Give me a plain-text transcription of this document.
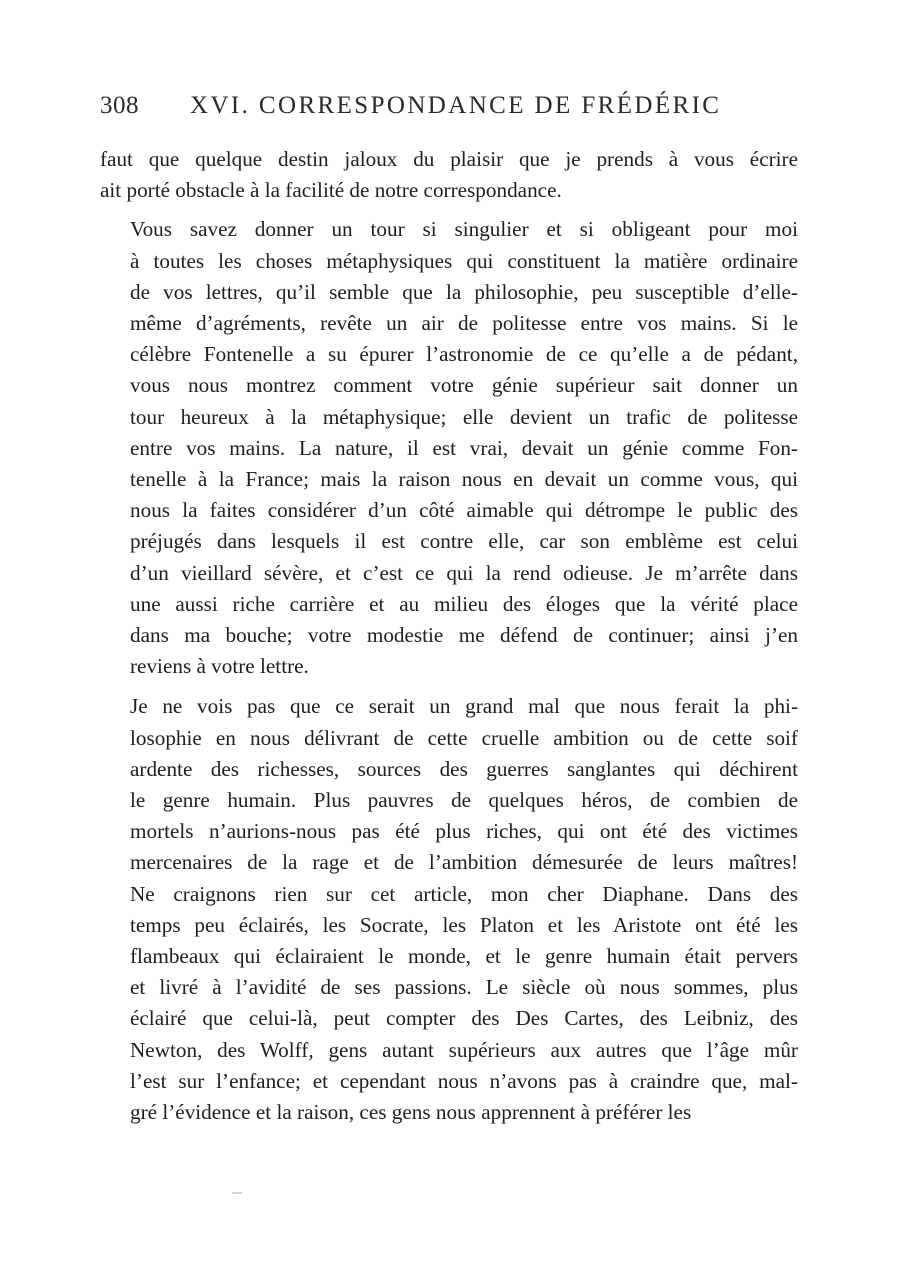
308 XVI. CORRESPONDANCE DE FRÉDÉRIC

faut que quelque destin jaloux du plaisir que je prends à vous écrire
ait porté obstacle à la facilité de notre correspondance.

Vous savez donner un tour si singulier et si obligeant pour moi
à toutes les choses métaphysiques qui constituent la matière ordinaire
de vos lettres, qu’il semble que la philosophie, peu susceptible d’elle-
même d’agréments, revête un air de politesse entre vos mains. Si le
célèbre Fontenelle a su épurer l’astronomie de ce qu’elle a de pédant,
vous nous montrez comment votre génie supérieur sait donner un
tour heureux à la métaphysique; elle devient un trafic de politesse
entre vos mains. La nature, il est vrai, devait un génie comme Fon-
tenelle à la France; mais la raison nous en devait un comme vous, qui
nous la faites considérer d’un côté aimable qui détrompe le public des
préjugés dans lesquels il est contre elle, car son emblème est celui
d’un vieillard sévère, et c’est ce qui la rend odieuse. Je m’arrête dans
une aussi riche carrière et au milieu des éloges que la vérité place
dans ma bouche; votre modestie me défend de continuer; ainsi j’en
reviens à votre lettre.

Je ne vois pas que ce serait un grand mal que nous ferait la phi-
losophie en nous délivrant de cette cruelle ambition ou de cette soif
ardente des richesses, sources des guerres sanglantes qui déchirent
le genre humain. Plus pauvres de quelques héros, de combien de
mortels n’aurions-nous pas été plus riches, qui ont été des victimes
mercenaires de la rage et de l’ambition démesurée de leurs maîtres!
Ne craignons rien sur cet article, mon cher Diaphane. Dans des
temps peu éclairés, les Socrate, les Platon et les Aristote ont été les
flambeaux qui éclairaient le monde, et le genre humain était pervers
et livré à l’avidité de ses passions. Le siècle où nous sommes, plus
éclairé que celui-là, peut compter des Des Cartes, des Leibniz, des
Newton, des Wolff, gens autant supérieurs aux autres que l’âge mûr
l’est sur l’enfance; et cependant nous n’avons pas à craindre que, mal-
gré l’évidence et la raison, ces gens nous apprennent à préférer les
